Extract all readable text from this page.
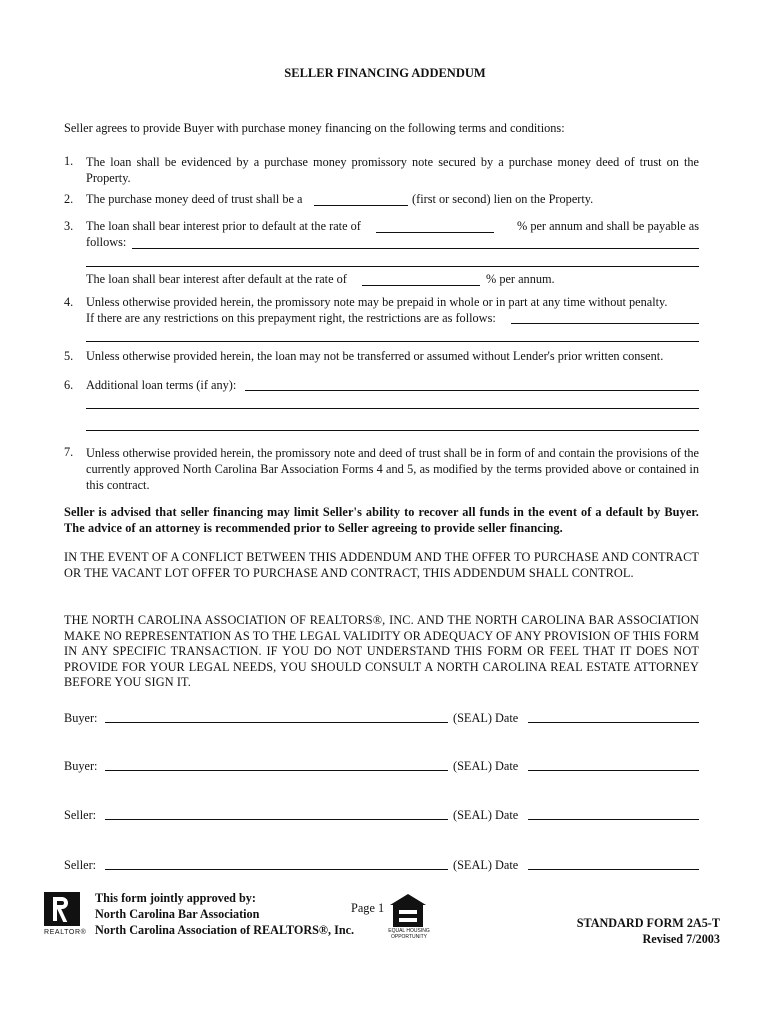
SELLER FINANCING ADDENDUM
Seller agrees to provide Buyer with purchase money financing on the following terms and conditions:
1. The loan shall be evidenced by a purchase money promissory note secured by a purchase money deed of trust on the Property.
2. The purchase money deed of trust shall be a	(first or second) lien on the Property.
3. The loan shall bear interest prior to default at the rate of	% per annum and shall be payable as
follows:
The loan shall bear interest after default at the rate of	% per annum.
4. Unless otherwise provided herein, the promissory note may be prepaid in whole or in part at any time without penalty.
If there are any restrictions on this prepayment right, the restrictions are as follows:
5. Unless otherwise provided herein, the loan may not be transferred or assumed without Lender's prior written consent.
6. Additional loan terms (if any):
7. Unless otherwise provided herein, the promissory note and deed of trust shall be in form of and contain the provisions of the currently approved North Carolina Bar Association Forms 4 and 5, as modified by the terms provided above or contained in this contract.
Seller is advised that seller financing may limit Seller's ability to recover all funds in the event of a default by Buyer. The advice of an attorney is recommended prior to Seller agreeing to provide seller financing.
IN THE EVENT OF A CONFLICT BETWEEN THIS ADDENDUM AND THE OFFER TO PURCHASE AND CONTRACT OR THE VACANT LOT OFFER TO PURCHASE AND CONTRACT, THIS ADDENDUM SHALL CONTROL.
THE NORTH CAROLINA ASSOCIATION OF REALTORS®, INC. AND THE NORTH CAROLINA BAR ASSOCIATION MAKE NO REPRESENTATION AS TO THE LEGAL VALIDITY OR ADEQUACY OF ANY PROVISION OF THIS FORM IN ANY SPECIFIC TRANSACTION. IF YOU DO NOT UNDERSTAND THIS FORM OR FEEL THAT IT DOES NOT PROVIDE FOR YOUR LEGAL NEEDS, YOU SHOULD CONSULT A NORTH CAROLINA REAL ESTATE ATTORNEY BEFORE YOU SIGN IT.
Buyer:	(SEAL) Date
Buyer:	(SEAL) Date
Seller:	(SEAL) Date
Seller:	(SEAL) Date
REALTOR®
This form jointly approved by:
North Carolina Bar Association
North Carolina Association of REALTORS®, Inc.
Page 1
EQUAL HOUSING
OPPORTUNITY
STANDARD FORM 2A5-T
Revised 7/2003
